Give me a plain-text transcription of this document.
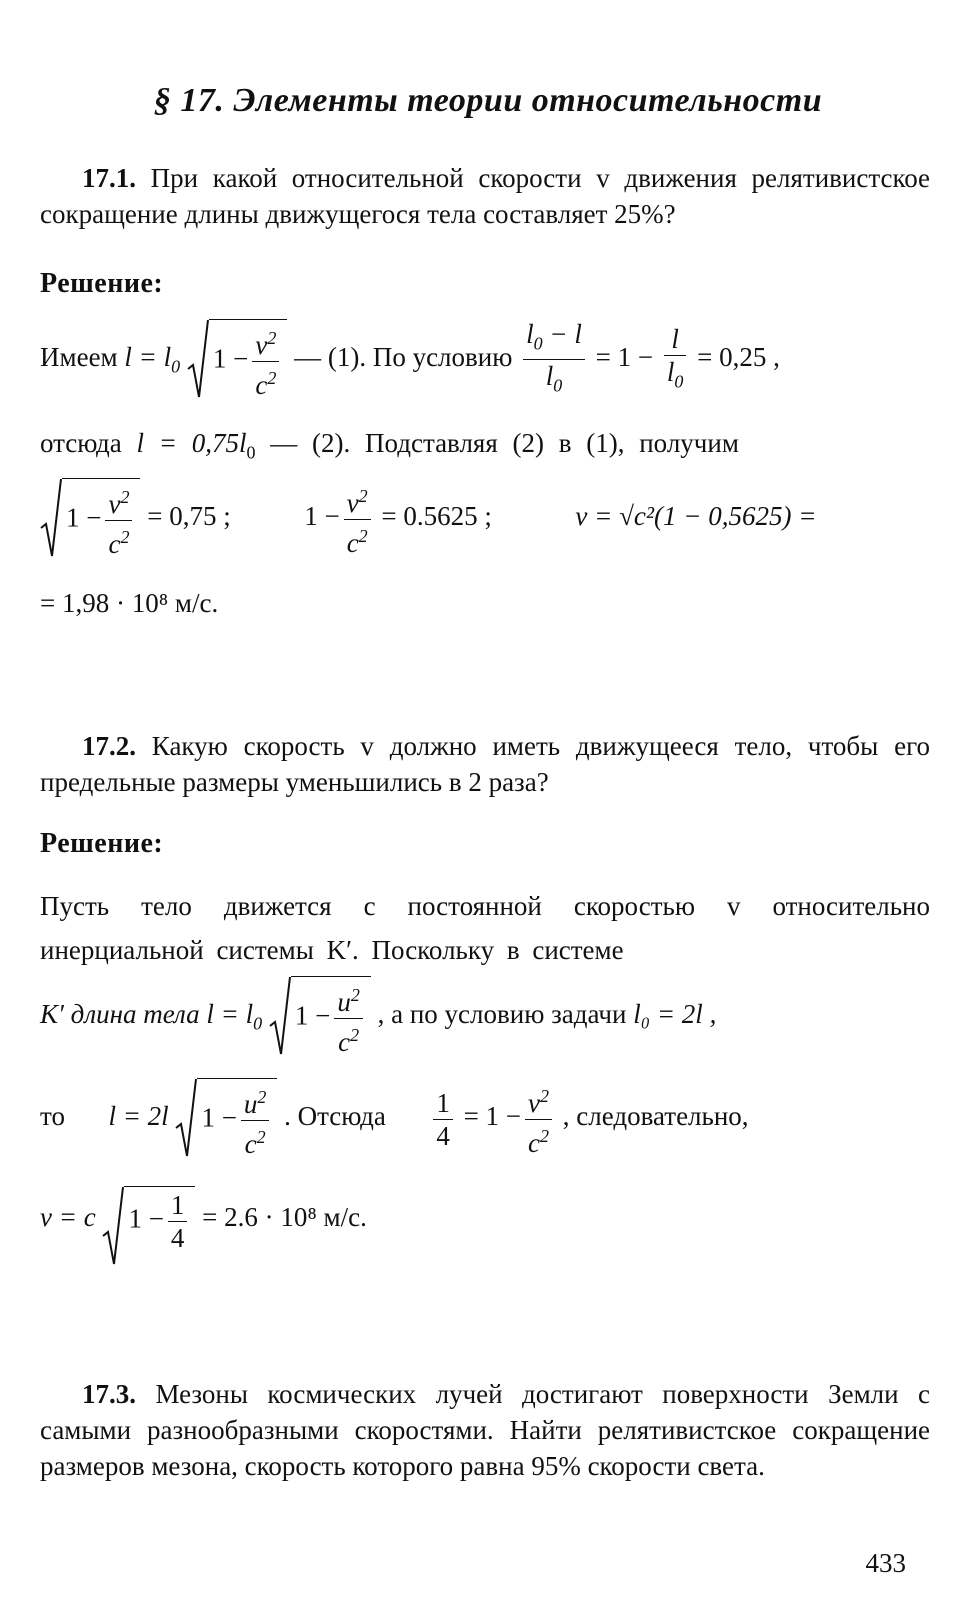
§ 17. Элементы теории относительности
17.1. При какой относительной скорости v движения релятивистское сокращение длины движущегося тела составляет 25%?
Решение:
Имеем $l = l_0$ $1 - \frac{v^2}{c^2}$ — (1). По условию $\frac{l_0 - l}{l_0} = 1 - \frac{l}{l_0} = 0,25$ ,
отсюда $l = 0,75l_0$ — (2). Подставляя (2) в (1), получим
$1 - \frac{v^2}{c^2} = 0,75$ ;  $1 - \frac{v^2}{c^2} = 0.5625$ ;	v = √c²(1 − 0,5625) =
= 1,98 · 10⁸ м/с.
17.2. Какую скорость v должно иметь движущееся тело, чтобы его предельные размеры уменьшились в 2 раза?
Решение:
Пусть тело движется с постоянной скоростью v относительно инерциальной системы K′. Поскольку в системе
K′ длина тела $l = l_0$ $1 - \frac{u^2}{c^2}$ , а по условию задачи l₀ = 2l ,
то l = 2l $1 - \frac{u^2}{c^2}$ . Отсюда $\frac{1}{4} = 1 - \frac{v^2}{c^2}$ , следовательно,
v = c $1 - \frac{1}{4} = 2.6 \cdot 10^8$ м/с.
17.3. Мезоны космических лучей достигают поверхности Земли с самыми разнообразными скоростями. Найти релятивистское сокращение размеров мезона, скорость которого равна 95% скорости света.
433
